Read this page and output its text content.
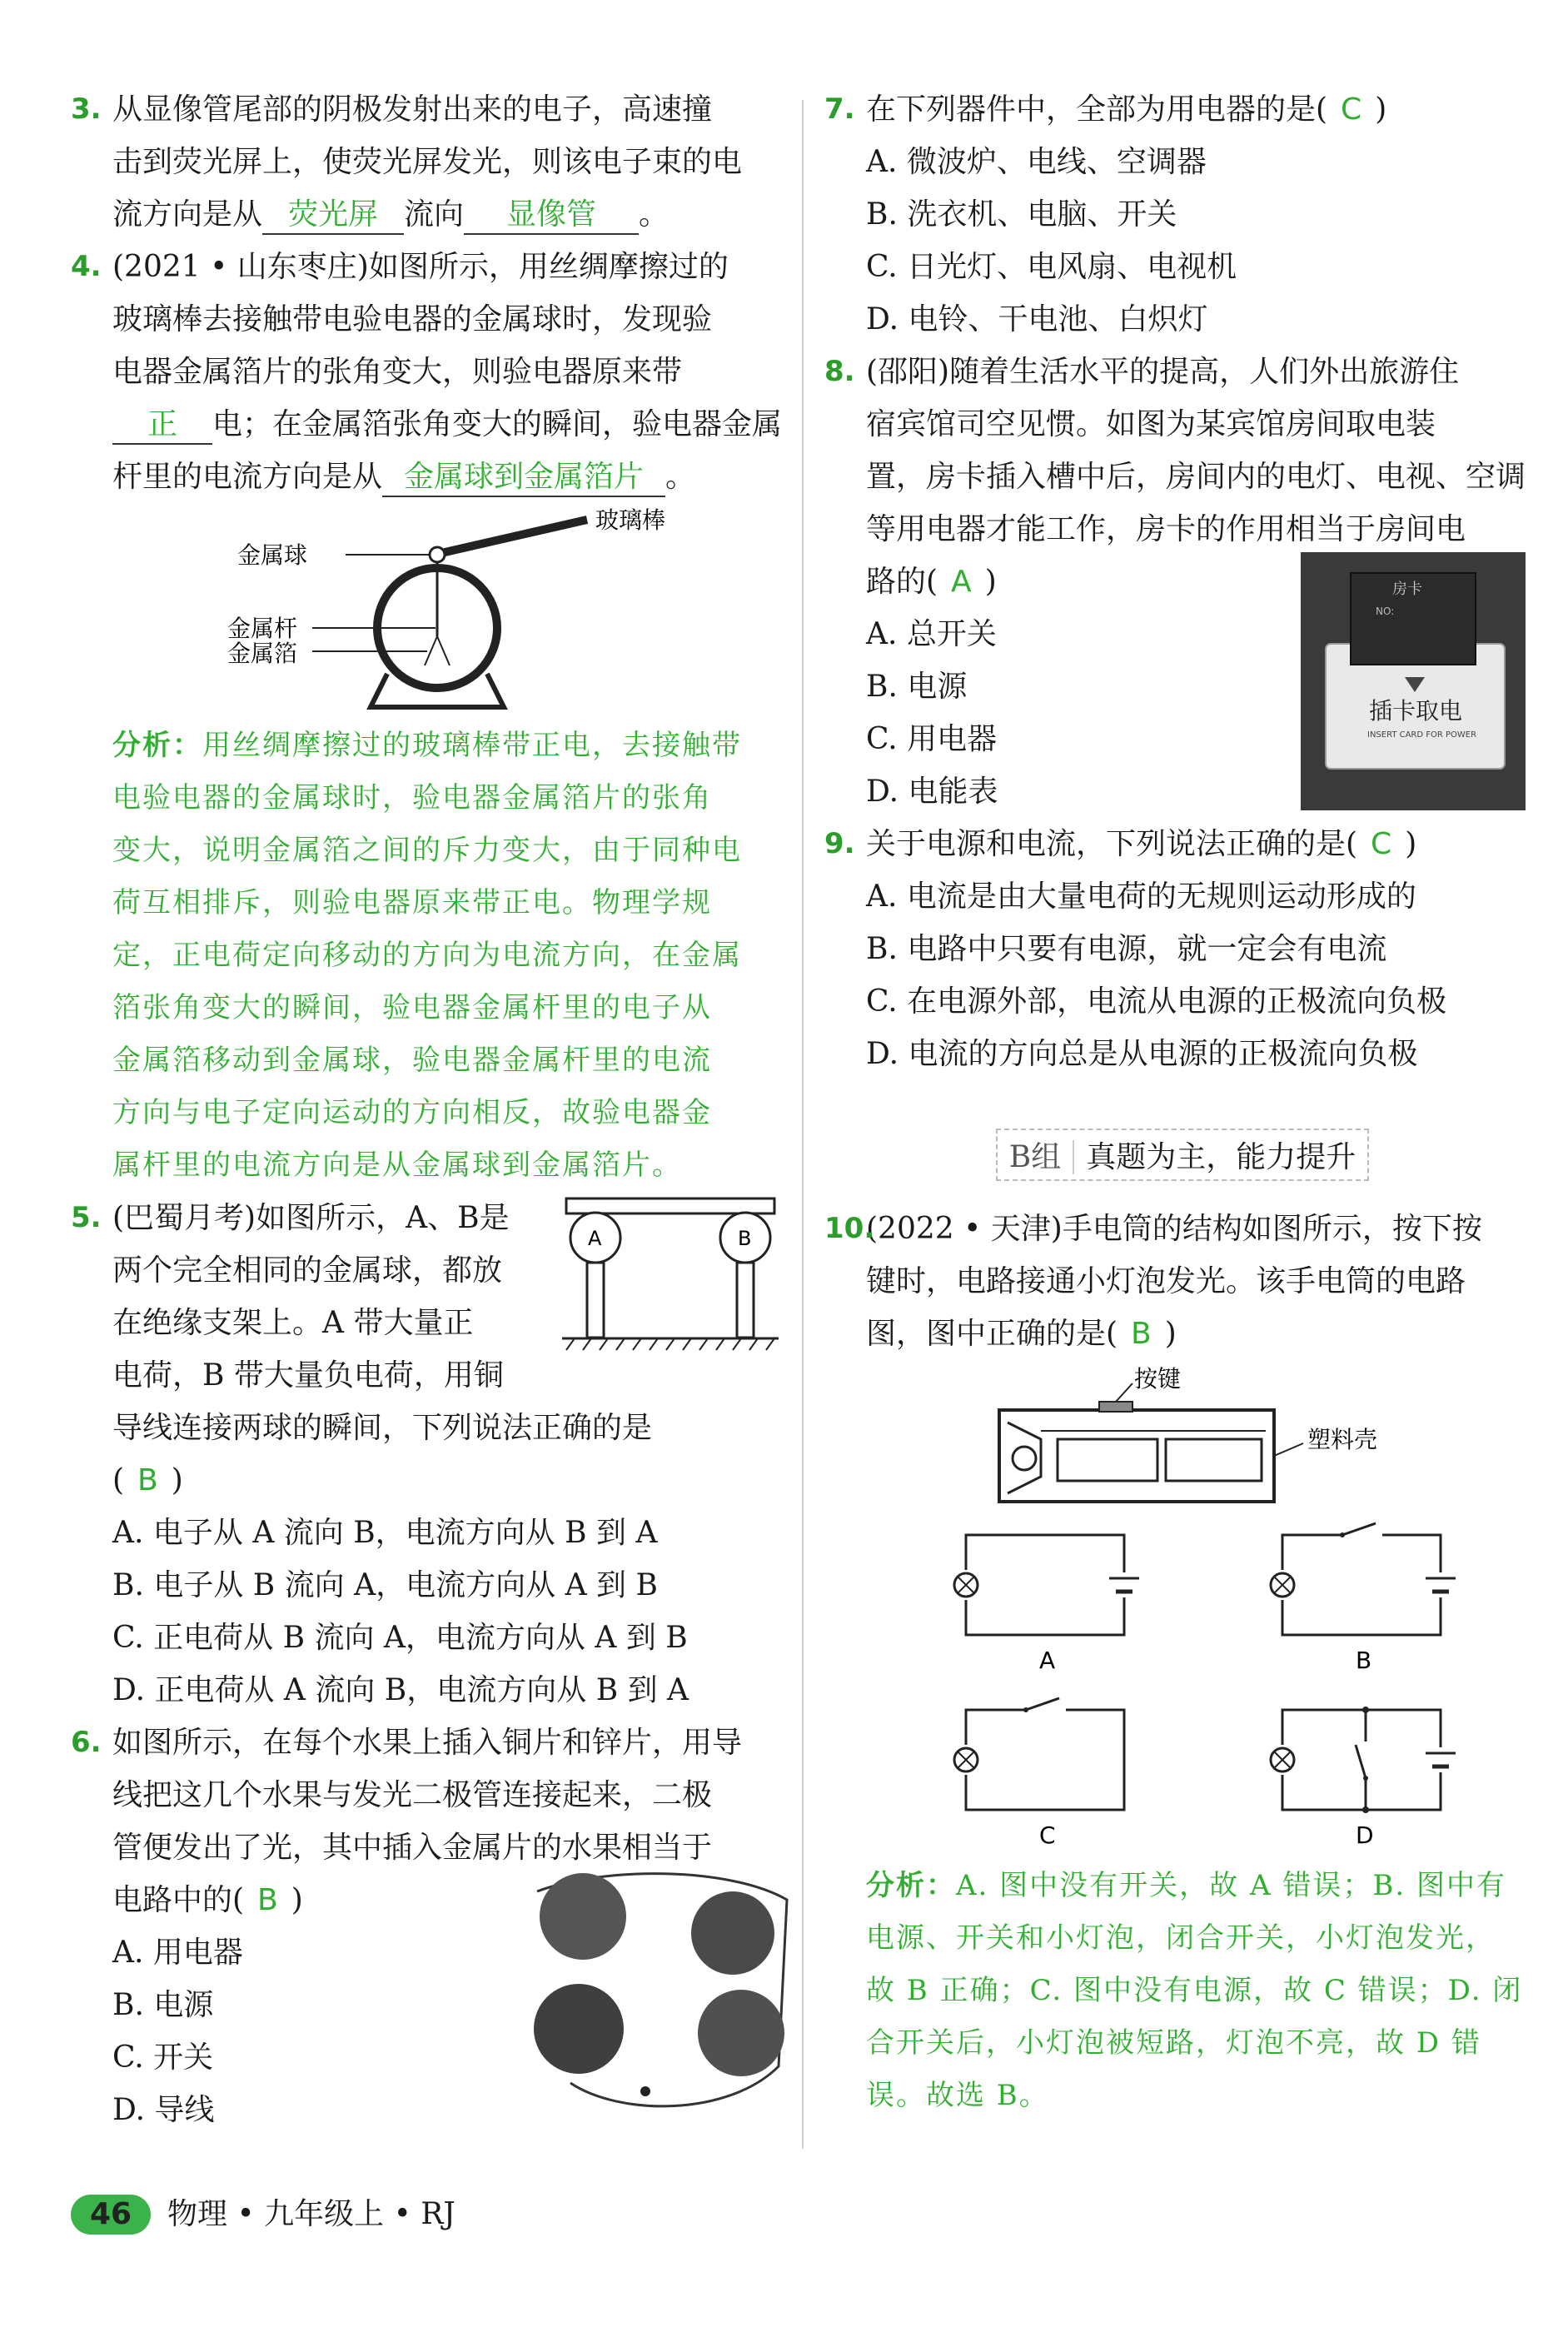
3. 从显像管尾部的阴极发射出来的电子，高速撞
击到荧光屏上，使荧光屏发光，则该电子束的电
流方向是从 荧光屏 流向 显像管 。
4. (2021 • 山东枣庄)如图所示，用丝绸摩擦过的
玻璃棒去接触带电验电器的金属球时，发现验
电器金属箔片的张角变大，则验电器原来带
正 电；在金属箔张角变大的瞬间，验电器金属
杆里的电流方向是从 金属球到金属箔片 。
玻璃棒
金属球
金属杆
金属箔
分析：用丝绸摩擦过的玻璃棒带正电，去接触带
电验电器的金属球时，验电器金属箔片的张角
变大，说明金属箔之间的斥力变大，由于同种电
荷互相排斥，则验电器原来带正电。物理学规
定，正电荷定向移动的方向为电流方向，在金属
箔张角变大的瞬间，验电器金属杆里的电子从
金属箔移动到金属球，验电器金属杆里的电流
方向与电子定向运动的方向相反，故验电器金
属杆里的电流方向是从金属球到金属箔片。
A	B
5. (巴蜀月考)如图所示，A、B是
两个完全相同的金属球，都放
在绝缘支架上。A 带大量正
电荷，B 带大量负电荷，用铜
导线连接两球的瞬间，下列说法正确的是
( B )
A. 电子从 A 流向 B，电流方向从 B 到 A
B. 电子从 B 流向 A，电流方向从 A 到 B
C. 正电荷从 B 流向 A，电流方向从 A 到 B
D. 正电荷从 A 流向 B，电流方向从 B 到 A
6. 如图所示，在每个水果上插入铜片和锌片，用导
线把这几个水果与发光二极管连接起来，二极
管便发出了光，其中插入金属片的水果相当于
电路中的( B )
A. 用电器
B. 电源
C. 开关
D. 导线
7. 在下列器件中，全部为用电器的是( C )
A. 微波炉、电线、空调器
B. 洗衣机、电脑、开关
C. 日光灯、电风扇、电视机
D. 电铃、干电池、白炽灯
8. (邵阳)随着生活水平的提高，人们外出旅游住
宿宾馆司空见惯。如图为某宾馆房间取电装
置，房卡插入槽中后，房间内的电灯、电视、空调
等用电器才能工作，房卡的作用相当于房间电
路的( A )
A. 总开关
B. 电源
C. 用电器
D. 电能表
房卡
NO:
插卡取电
INSERT CARD FOR POWER
9. 关于电源和电流，下列说法正确的是( C )
A. 电流是由大量电荷的无规则运动形成的
B. 电路中只要有电源，就一定会有电流
C. 在电源外部，电流从电源的正极流向负极
D. 电流的方向总是从电源的正极流向负极
B组 真题为主，能力提升
10.
(2022 • 天津)手电筒的结构如图所示，按下按
键时，电路接通小灯泡发光。该手电筒的电路
图，图中正确的是( B )
按键
塑料壳
A	B
C	D
分析：A. 图中没有开关，故 A 错误；B. 图中有
电源、开关和小灯泡，闭合开关，小灯泡发光，
故 B 正确；C. 图中没有电源，故 C 错误；D. 闭
合开关后，小灯泡被短路，灯泡不亮，故 D 错
误。故选 B。
46 物理 • 九年级上 • RJ
